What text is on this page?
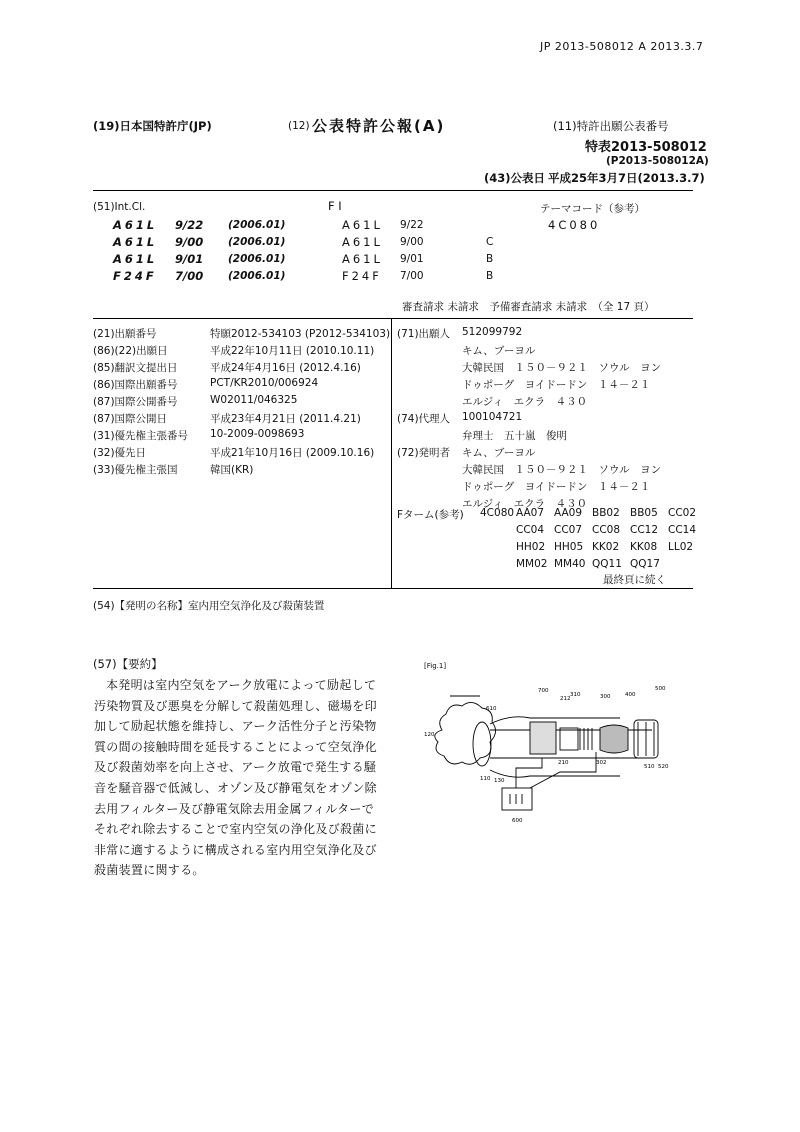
JP 2013-508012 A 2013.3.7
(19)日本国特許庁(JP)	(12) 公表特許公報(A)	(11)特許出願公表番号
特表2013-508012
(P2013-508012A)
(43)公表日 平成25年3月7日(2013.3.7)
(51)Int.Cl.	F I	テーマコード（参考）
4C080
A61L 9/22 (2006.01)	A61L 9/22
A61L 9/00 (2006.01)	A61L 9/00	C
A61L 9/01 (2006.01)	A61L 9/01	B
F24F 7/00 (2006.01)	F24F 7/00	B
審査請求 未請求　予備審査請求 未請求　（全 17 頁）
(21)出願番号	特願2012-534103 (P2012-534103)
(86)(22)出願日	平成22年10月11日 (2010.10.11)
(85)翻訳文提出日	平成24年4月16日 (2012.4.16)
(86)国際出願番号	PCT/KR2010/006924
(87)国際公開番号	W02011/046325
(87)国際公開日	平成23年4月21日 (2011.4.21)
(31)優先権主張番号 10-2009-0098693
(32)優先日	平成21年10月16日 (2009.10.16)
(33)優先権主張国	韓国(KR)
(71)出願人 512099792
キム、ブーヨル
大韓民国　１５０－９２１　ソウル　ヨン
ドゥポーグ　ヨイドードン　１４－２１
エルジィ　エクラ　４３０
(74)代理人 100104721
弁理士　五十嵐　俊明
(72)発明者 キム、ブーヨル
大韓民国　１５０－９２１　ソウル　ヨン
ドゥポーグ　ヨイドードン　１４－２１
エルジィ　エクラ　４３０
Fターム(参考) 4C080 AA07 AA09 BB02 BB05 CC02
CC04 CC07 CC08 CC12 CC14
HH02 HH05 KK02 KK08 LL02
MM02 MM40 QQ11 QQ17
最終頁に続く
(54)【発明の名称】室内用空気浄化及び殺菌装置
(57)【要約】
本発明は室内空気をアーク放電によって励起して汚染物質及び悪臭を分解して殺菌処理し、磁場を印加して励起状態を維持し、アーク活性分子と汚染物質の間の接触時間を延長することによって空気浄化及び殺菌効率を向上させ、アーク放電で発生する騒音を騒音器で低減し、オゾン及び静電気をオゾン除去用フィルター及び静電気除去用金属フィルターでそれぞれ除去することで室内空気の浄化及び殺菌に非常に適するように構成される室内用空気浄化及び殺菌装置に関する。
[Fig.1]
700
212
310	300	400
500
610
120
510 520
110 130
210	302
600
